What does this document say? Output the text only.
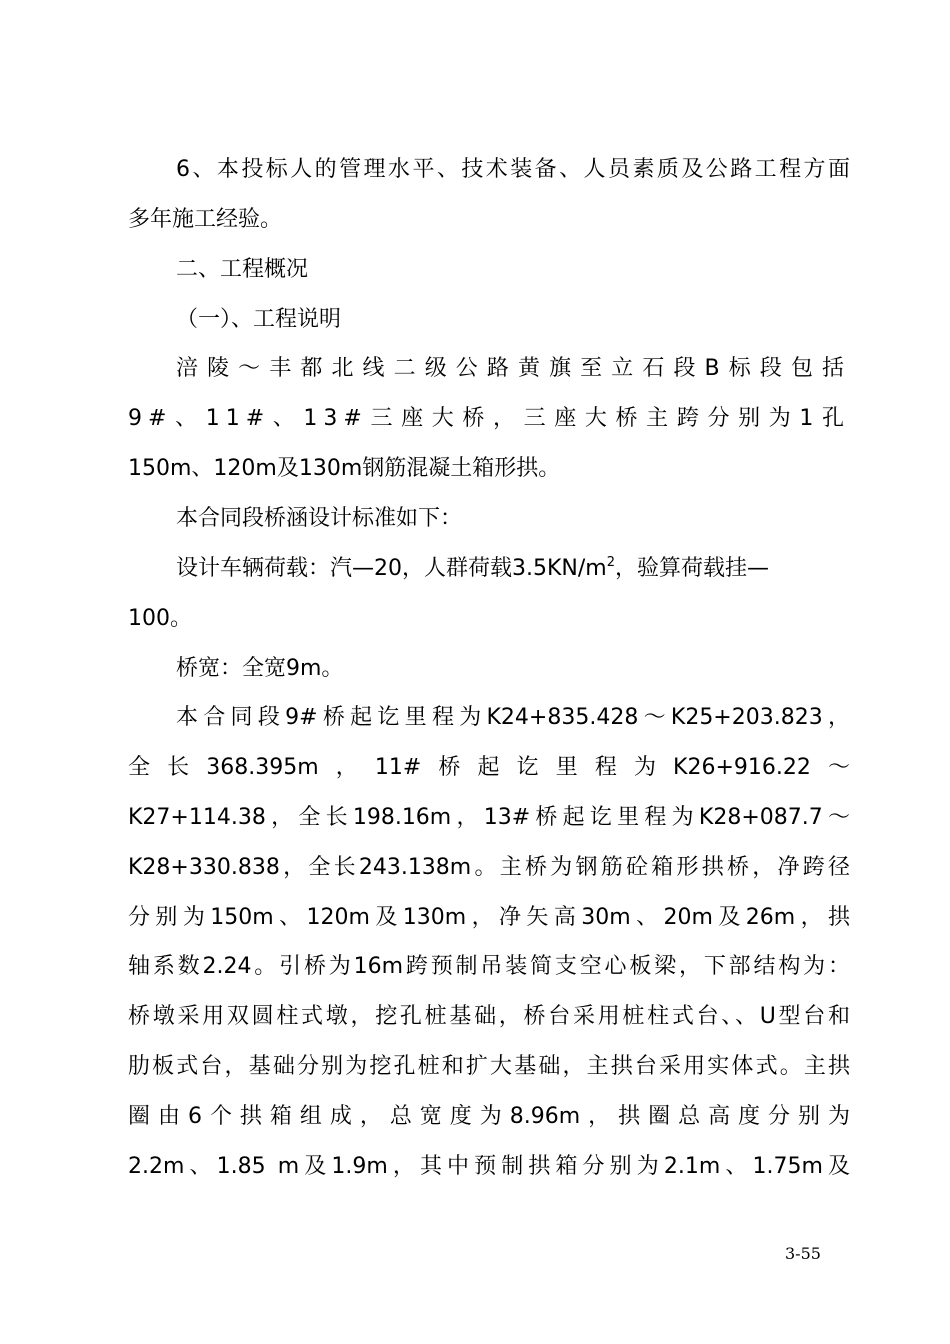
6、本投标人的管理水平、技术装备、人员素质及公路工程方面
多年施工经验。
二、工程概况
（一）、工程说明
涪陵～丰都北线二级公路黄旗至立石段B标段包括
9#、11#、13#三座大桥，三座大桥主跨分别为1孔
150m、120m及130m钢筋混凝土箱形拱。
本合同段桥涵设计标准如下：
设计车辆荷载：汽—20，人群荷载$3.5KN/m^2$，验算荷载挂—
100。
桥宽：全宽9m。
本合同段9#桥起讫里程为K24+835.428～K25+203.823，
全长368.395m，11#桥起讫里程为K26+916.22～
K27+114.38，全长198.16m，13#桥起讫里程为K28+087.7～
K28+330.838，全长243.138m。主桥为钢筋砼箱形拱桥，净跨径
分别为150m、120m及130m，净矢高30m、20m及26m，拱
轴系数2.24。引桥为16m跨预制吊装简支空心板梁，下部结构为：
桥墩采用双圆柱式墩，挖孔桩基础，桥台采用桩柱式台、、U型台和
肋板式台，基础分别为挖孔桩和扩大基础，主拱台采用实体式。主拱
圈由6个拱箱组成，总宽度为8.96m，拱圈总高度分别为
2.2m、1.85 m及1.9m，其中预制拱箱分别为2.1m、1.75m及
3-55
